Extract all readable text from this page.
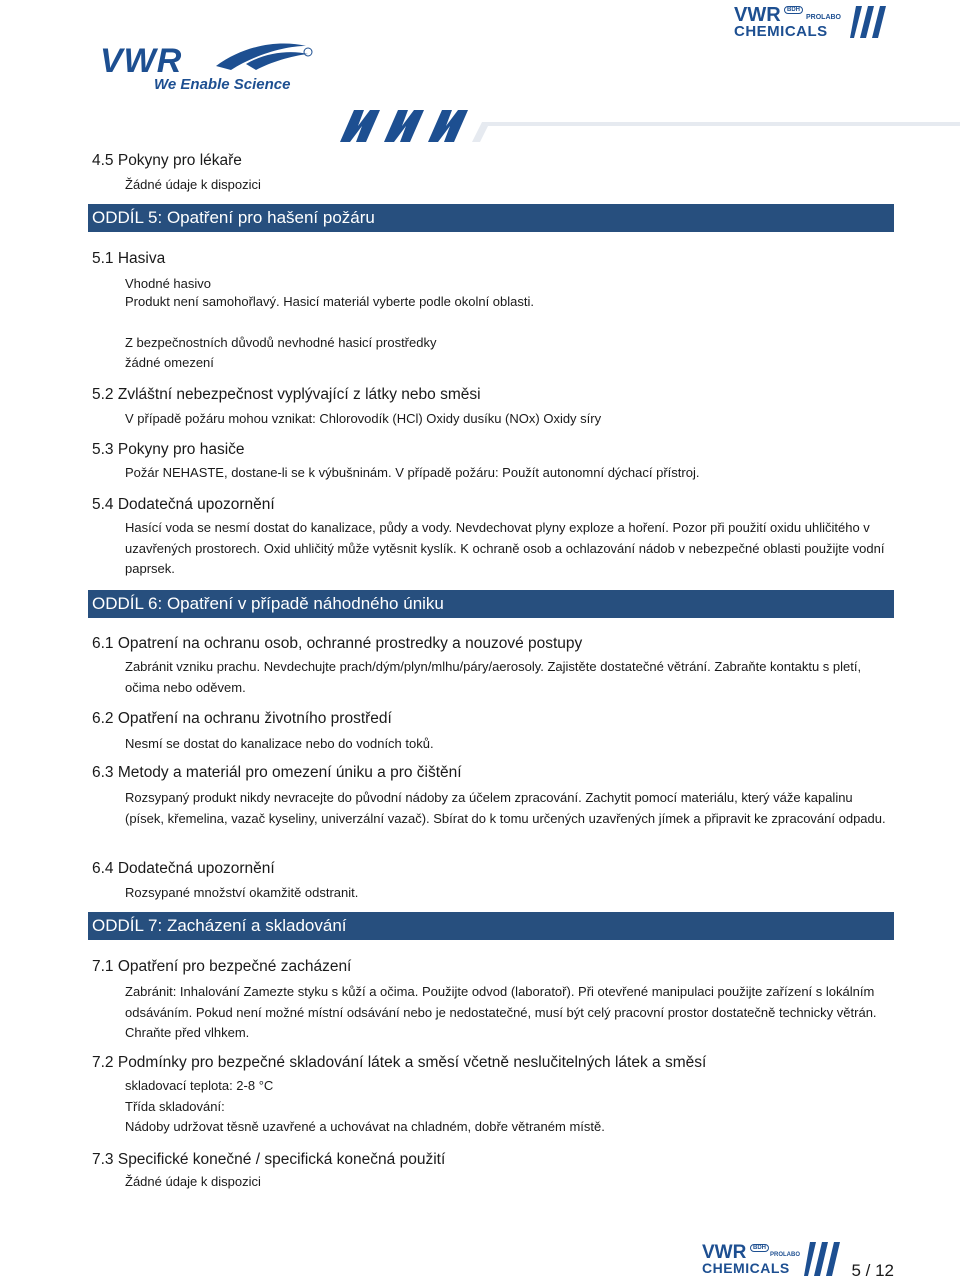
VWR
We Enable Science
VWR	BDH
PROLABO
CHEMICALS
4.5 Pokyny pro lékaře
Žádné údaje k dispozici
ODDÍL 5: Opatření pro hašení požáru
5.1 Hasiva
Vhodné hasivo
Produkt není samohořlavý. Hasicí materiál vyberte podle okolní oblasti.
Z bezpečnostních důvodů nevhodné hasicí prostředky
žádné omezení
5.2 Zvláštní nebezpečnost vyplývající z látky nebo směsi
V případě požáru mohou vznikat: Chlorovodík (HCl) Oxidy dusíku (NOx) Oxidy síry
5.3 Pokyny pro hasiče
Požár NEHASTE, dostane-li se k výbušninám. V případě požáru: Použít autonomní dýchací přístroj.
5.4 Dodatečná upozornění
Hasící voda se nesmí dostat do kanalizace, půdy a vody. Nevdechovat plyny exploze a hoření. Pozor při použití oxidu uhličitého v uzavřených prostorech. Oxid uhličitý může vytěsnit kyslík. K ochraně osob a ochlazování nádob v nebezpečné oblasti použijte vodní paprsek.
ODDÍL 6: Opatření v případě náhodného úniku
6.1 Opatrení na ochranu osob, ochranné prostredky a nouzové postupy
Zabránit vzniku prachu. Nevdechujte prach/dým/plyn/mlhu/páry/aerosoly. Zajistěte dostatečné větrání. Zabraňte kontaktu s pletí, očima nebo oděvem.
6.2 Opatření na ochranu životního prostředí
Nesmí se dostat do kanalizace nebo do vodních toků.
6.3 Metody a materiál pro omezení úniku a pro čištění
Rozsypaný produkt nikdy nevracejte do původní nádoby za účelem zpracování. Zachytit pomocí materiálu, který váže kapalinu (písek, křemelina, vazač kyseliny, univerzální vazač). Sbírat do k tomu určených uzavřených jímek a připravit ke zpracování odpadu.
6.4 Dodatečná upozornění
Rozsypané množství okamžitě odstranit.
ODDÍL 7: Zacházení a skladování
7.1 Opatření pro bezpečné zacházení
Zabránit: Inhalování Zamezte styku s kůží a očima. Použijte odvod (laboratoř). Při otevřené manipulaci použijte zařízení s lokálním odsáváním. Pokud není možné místní odsávání nebo je nedostatečné, musí být celý pracovní prostor dostatečně technicky větrán. Chraňte před vlhkem.
7.2 Podmínky pro bezpečné skladování látek a směsí včetně neslučitelných látek a směsí
skladovací teplota: 2-8 °C
Třída skladování:
Nádoby udržovat těsně uzavřené a uchovávat na chladném, dobře větraném místě.
7.3 Specifické konečné / specifická konečná použití
Žádné údaje k dispozici
VWR	BDH
PROLABO
CHEMICALS	5 / 12
